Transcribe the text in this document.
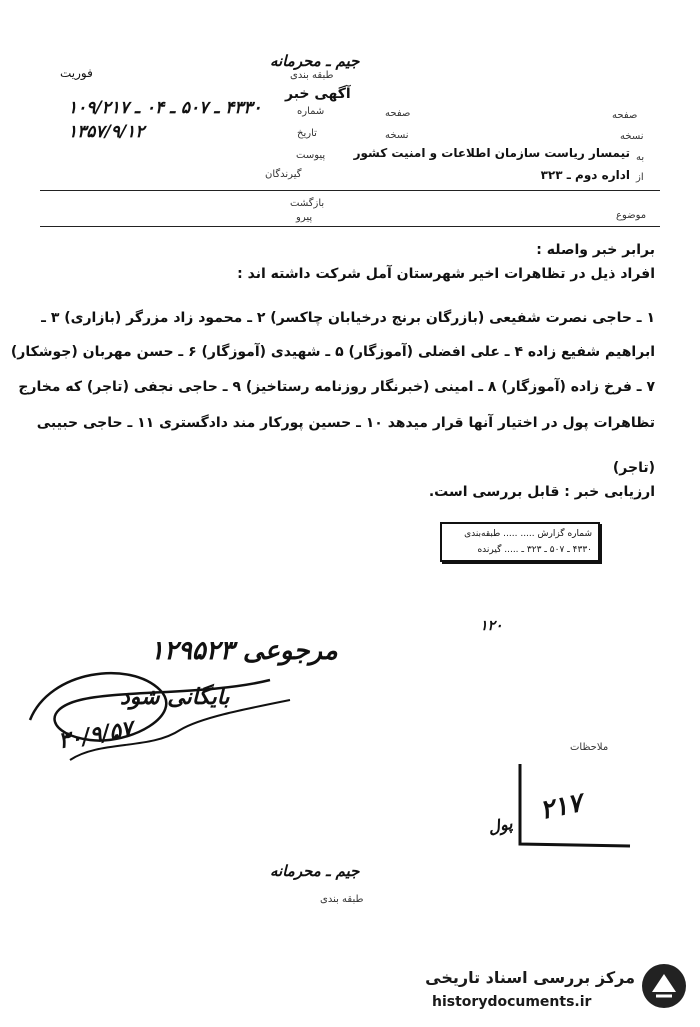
فوریت
جیم ـ محرمانه
طبقه بندی
آگهی خبر
۴۳۳۰ ـ ۵۰۷ ـ ۰۴ ـ ۱۰۹/۲۱۷	شماره	صفحه	صفحه
۱۳۵۷/۹/۱۲	تاریخ	نسخه	نسخه
پیوست تیمسار ریاست سازمان اطلاعات و امنیت کشور به
گیرندگان	اداره دوم ـ ۳۲۳ از
بازگشت
پیرو	موضوع
برابر خبر واصله :
افراد ذیل در تظاهرات اخیر شهرستان آمل شرکت داشته اند :
۱ ـ حاجی نصرت شفیعی (بازرگان برنج درخیابان چاکسر) ۲ ـ محمود زاد مزرگر (بازاری) ۳ ـ
ابراهیم شفیع زاده ۴ ـ علی افضلی (آموزگار) ۵ ـ شهیدی (آموزگار) ۶ ـ حسن مهربان (جوشکار)
۷ ـ فرخ زاده (آموزگار) ۸ ـ امینی (خبرنگار روزنامه رستاخیز) ۹ ـ حاجی نجفی (تاجر) که مخارج
تظاهرات پول در اختیار آنها قرار میدهد ۱۰ ـ حسین پورکار مند دادگستری ۱۱ ـ حاجی حبیبی
(تاجر)
ارزیابی خبر : قابل بررسی است.
شماره گزارش ..... ..... طبقه‌بندی
۴۳۳۰ ـ ۵۰۷ ـ ۳۲۳ ـ ..... گیرنده
۱۲۰
مرجوعی ۱۲۹۵۲۳
بایگانی شود
۳۰/۹/۵۷	ملاحظات
۲۱۷
پول
جیم ـ محرمانه
طبقه بندی
مرکز بررسی اسناد تاریخی
historydocuments.ir
